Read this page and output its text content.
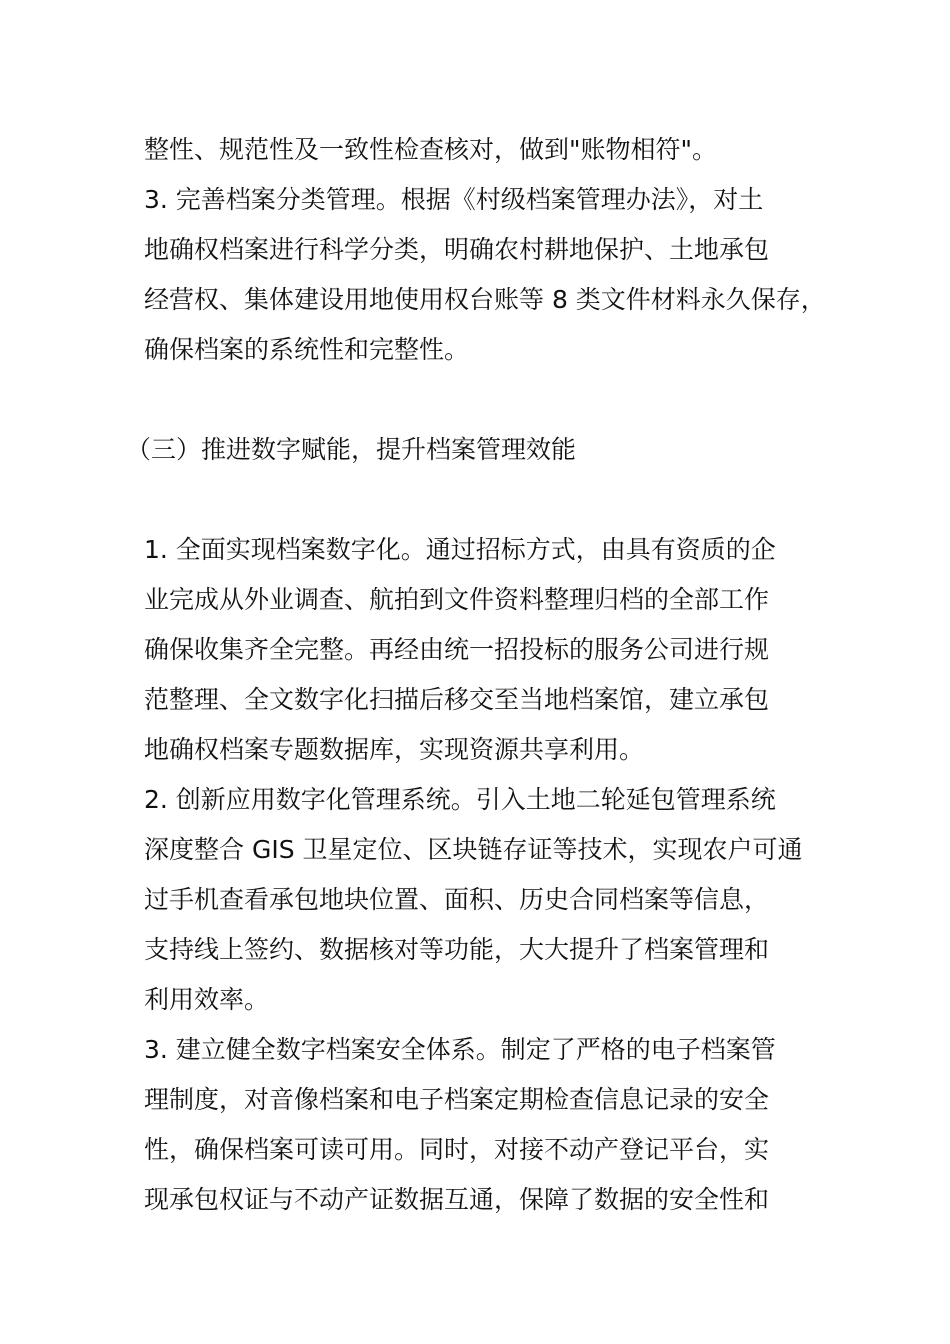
整性、规范性及一致性检查核对，做到"账物相符"。
3. 完善档案分类管理。根据《村级档案管理办法》，对土
地确权档案进行科学分类，明确农村耕地保护、土地承包
经营权、集体建设用地使用权台账等 8 类文件材料永久保存，
确保档案的系统性和完整性。
（三）推进数字赋能，提升档案管理效能
1. 全面实现档案数字化。通过招标方式，由具有资质的企
业完成从外业调查、航拍到文件资料整理归档的全部工作
确保收集齐全完整。再经由统一招投标的服务公司进行规
范整理、全文数字化扫描后移交至当地档案馆，建立承包
地确权档案专题数据库，实现资源共享利用。
2. 创新应用数字化管理系统。引入土地二轮延包管理系统
深度整合 GIS 卫星定位、区块链存证等技术，实现农户可通
过手机查看承包地块位置、面积、历史合同档案等信息，
支持线上签约、数据核对等功能，大大提升了档案管理和
利用效率。
3. 建立健全数字档案安全体系。制定了严格的电子档案管
理制度，对音像档案和电子档案定期检查信息记录的安全
性，确保档案可读可用。同时，对接不动产登记平台，实
现承包权证与不动产证数据互通，保障了数据的安全性和
